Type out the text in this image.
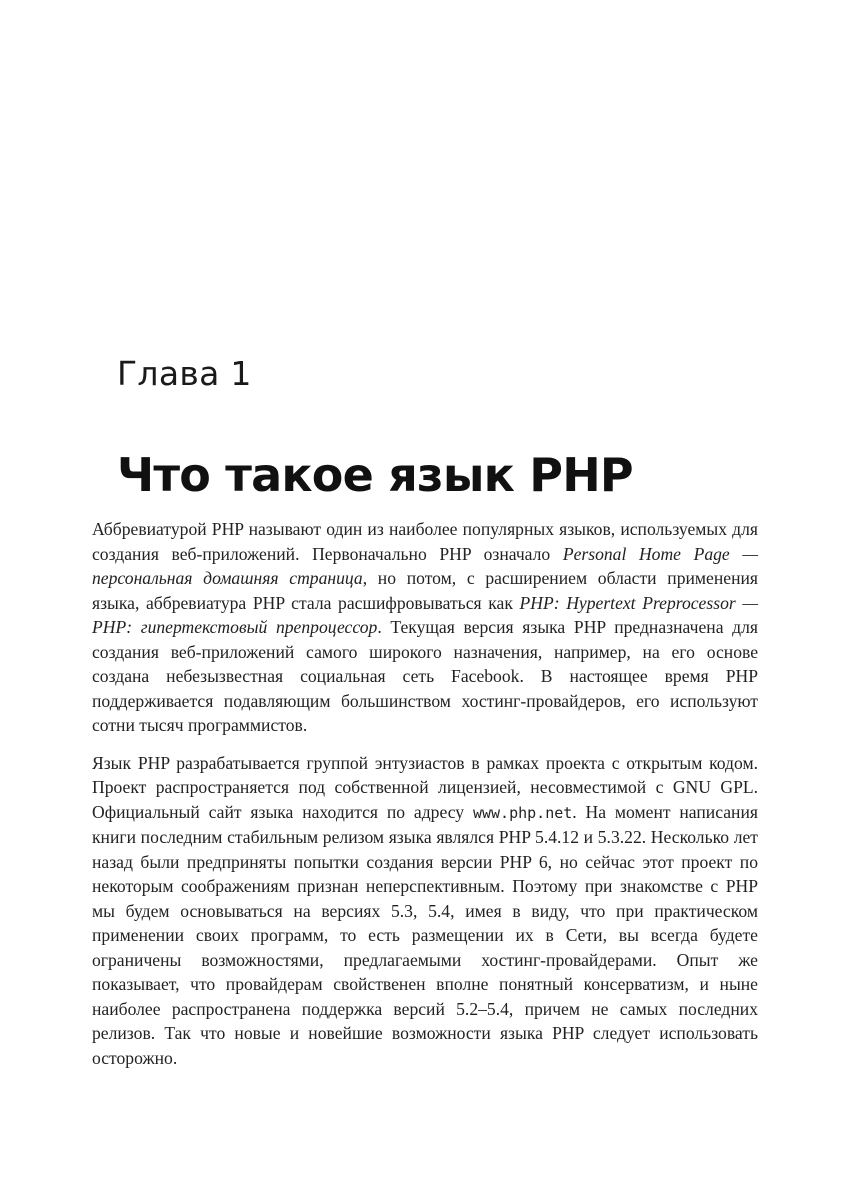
Глава 1
Что такое язык PHP

Аббревиатурой PHP называют один из наиболее популярных языков, используемых для создания веб-приложений. Первоначально PHP означало Personal Home Page — персональная домашняя страница, но потом, с расширением области применения языка, аббревиатура PHP стала расшифровываться как PHP: Hypertext Preprocessor — PHP: гипертекстовый препроцессор. Текущая версия языка PHP предназначена для создания веб-приложений самого широкого назначения, например, на его основе создана небезызвестная социальная сеть Facebook. В настоящее время PHP поддерживается подавляющим большинством хостинг-провайдеров, его используют сотни тысяч программистов.

Язык PHP разрабатывается группой энтузиастов в рамках проекта с открытым кодом. Проект распространяется под собственной лицензией, несовместимой с GNU GPL. Официальный сайт языка находится по адресу www.php.net. На момент написания книги последним стабильным релизом языка являлся PHP 5.4.12 и 5.3.22. Несколько лет назад были предприняты попытки создания версии PHP 6, но сейчас этот проект по некоторым соображениям признан неперспективным. Поэтому при знакомстве с PHP мы будем основываться на версиях 5.3, 5.4, имея в виду, что при практическом применении своих программ, то есть размещении их в Сети, вы всегда будете ограничены возможностями, предлагаемыми хостинг-провайдерами. Опыт же показывает, что провайдерам свойственен вполне понятный консерватизм, и ныне наиболее распространена поддержка версий 5.2–5.4, причем не самых последних релизов. Так что новые и новейшие возможности языка PHP следует использовать осторожно.
